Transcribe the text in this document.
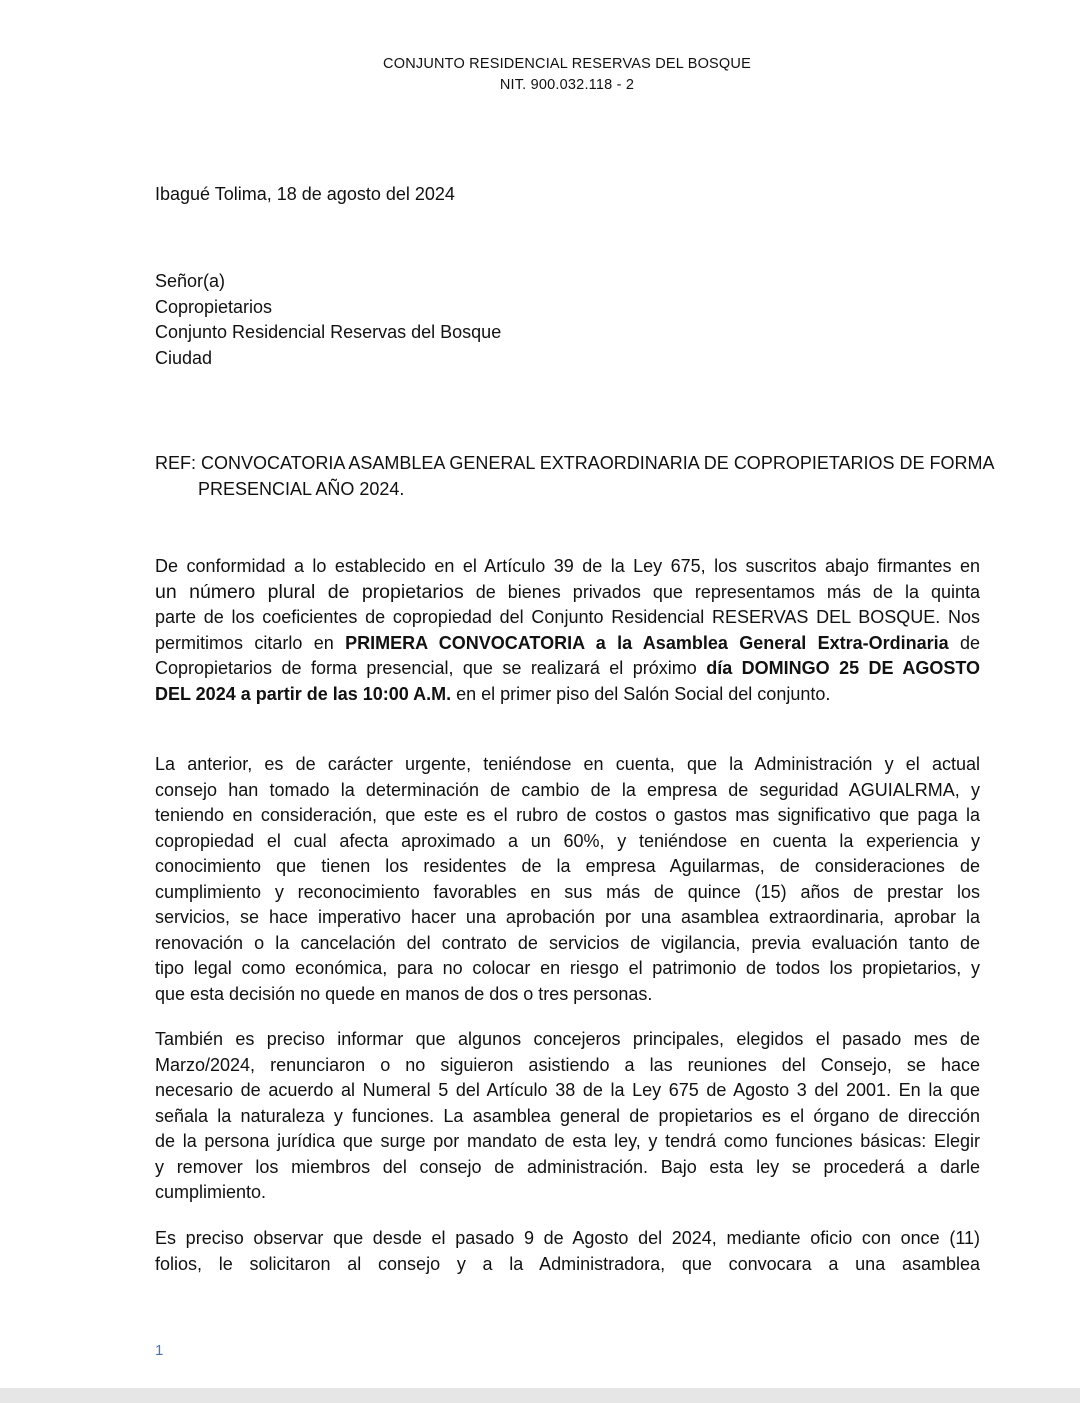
CONJUNTO RESIDENCIAL RESERVAS DEL BOSQUE
NIT. 900.032.118 - 2
Ibagué Tolima, 18 de agosto del 2024
Señor(a)
Copropietarios
Conjunto Residencial Reservas del Bosque
Ciudad
REF: CONVOCATORIA ASAMBLEA GENERAL EXTRAORDINARIA DE COPROPIETARIOS DE FORMA
PRESENCIAL AÑO 2024.
De conformidad a lo establecido en el Artículo 39 de la Ley 675, los suscritos abajo firmantes en
un número plural de propietarios de bienes privados que representamos más de la quinta
parte de los coeficientes de copropiedad del Conjunto Residencial RESERVAS DEL BOSQUE. Nos
permitimos citarlo en PRIMERA CONVOCATORIA a la Asamblea General Extra-Ordinaria de
Copropietarios de forma presencial, que se realizará el próximo día DOMINGO 25 DE AGOSTO
DEL 2024 a partir de las 10:00 A.M. en el primer piso del Salón Social del conjunto.
La anterior, es de carácter urgente, teniéndose en cuenta, que la Administración y el actual
consejo han tomado la determinación de cambio de la empresa de seguridad AGUIALRMA, y
teniendo en consideración, que este es el rubro de costos o gastos mas significativo que paga la
copropiedad el cual afecta aproximado a un 60%, y teniéndose en cuenta la experiencia y
conocimiento que tienen los residentes de la empresa Aguilarmas, de consideraciones de
cumplimiento y reconocimiento favorables en sus más de quince (15) años de prestar los
servicios, se hace imperativo hacer una aprobación por una asamblea extraordinaria, aprobar la
renovación o la cancelación del contrato de servicios de vigilancia, previa evaluación tanto de
tipo legal como económica, para no colocar en riesgo el patrimonio de todos los propietarios, y
que esta decisión no quede en manos de dos o tres personas.
También es preciso informar que algunos concejeros principales, elegidos el pasado mes de
Marzo/2024, renunciaron o no siguieron asistiendo a las reuniones del Consejo, se hace
necesario de acuerdo al Numeral 5 del Artículo 38 de la Ley 675 de Agosto 3 del 2001. En la que
señala la naturaleza y funciones. La asamblea general de propietarios es el órgano de dirección
de la persona jurídica que surge por mandato de esta ley, y tendrá como funciones básicas: Elegir
y remover los miembros del consejo de administración. Bajo esta ley se procederá a darle
cumplimiento.
Es preciso observar que desde el pasado 9 de Agosto del 2024, mediante oficio con once (11)
folios, le solicitaron al consejo y a la Administradora, que convocara a una asamblea
1
